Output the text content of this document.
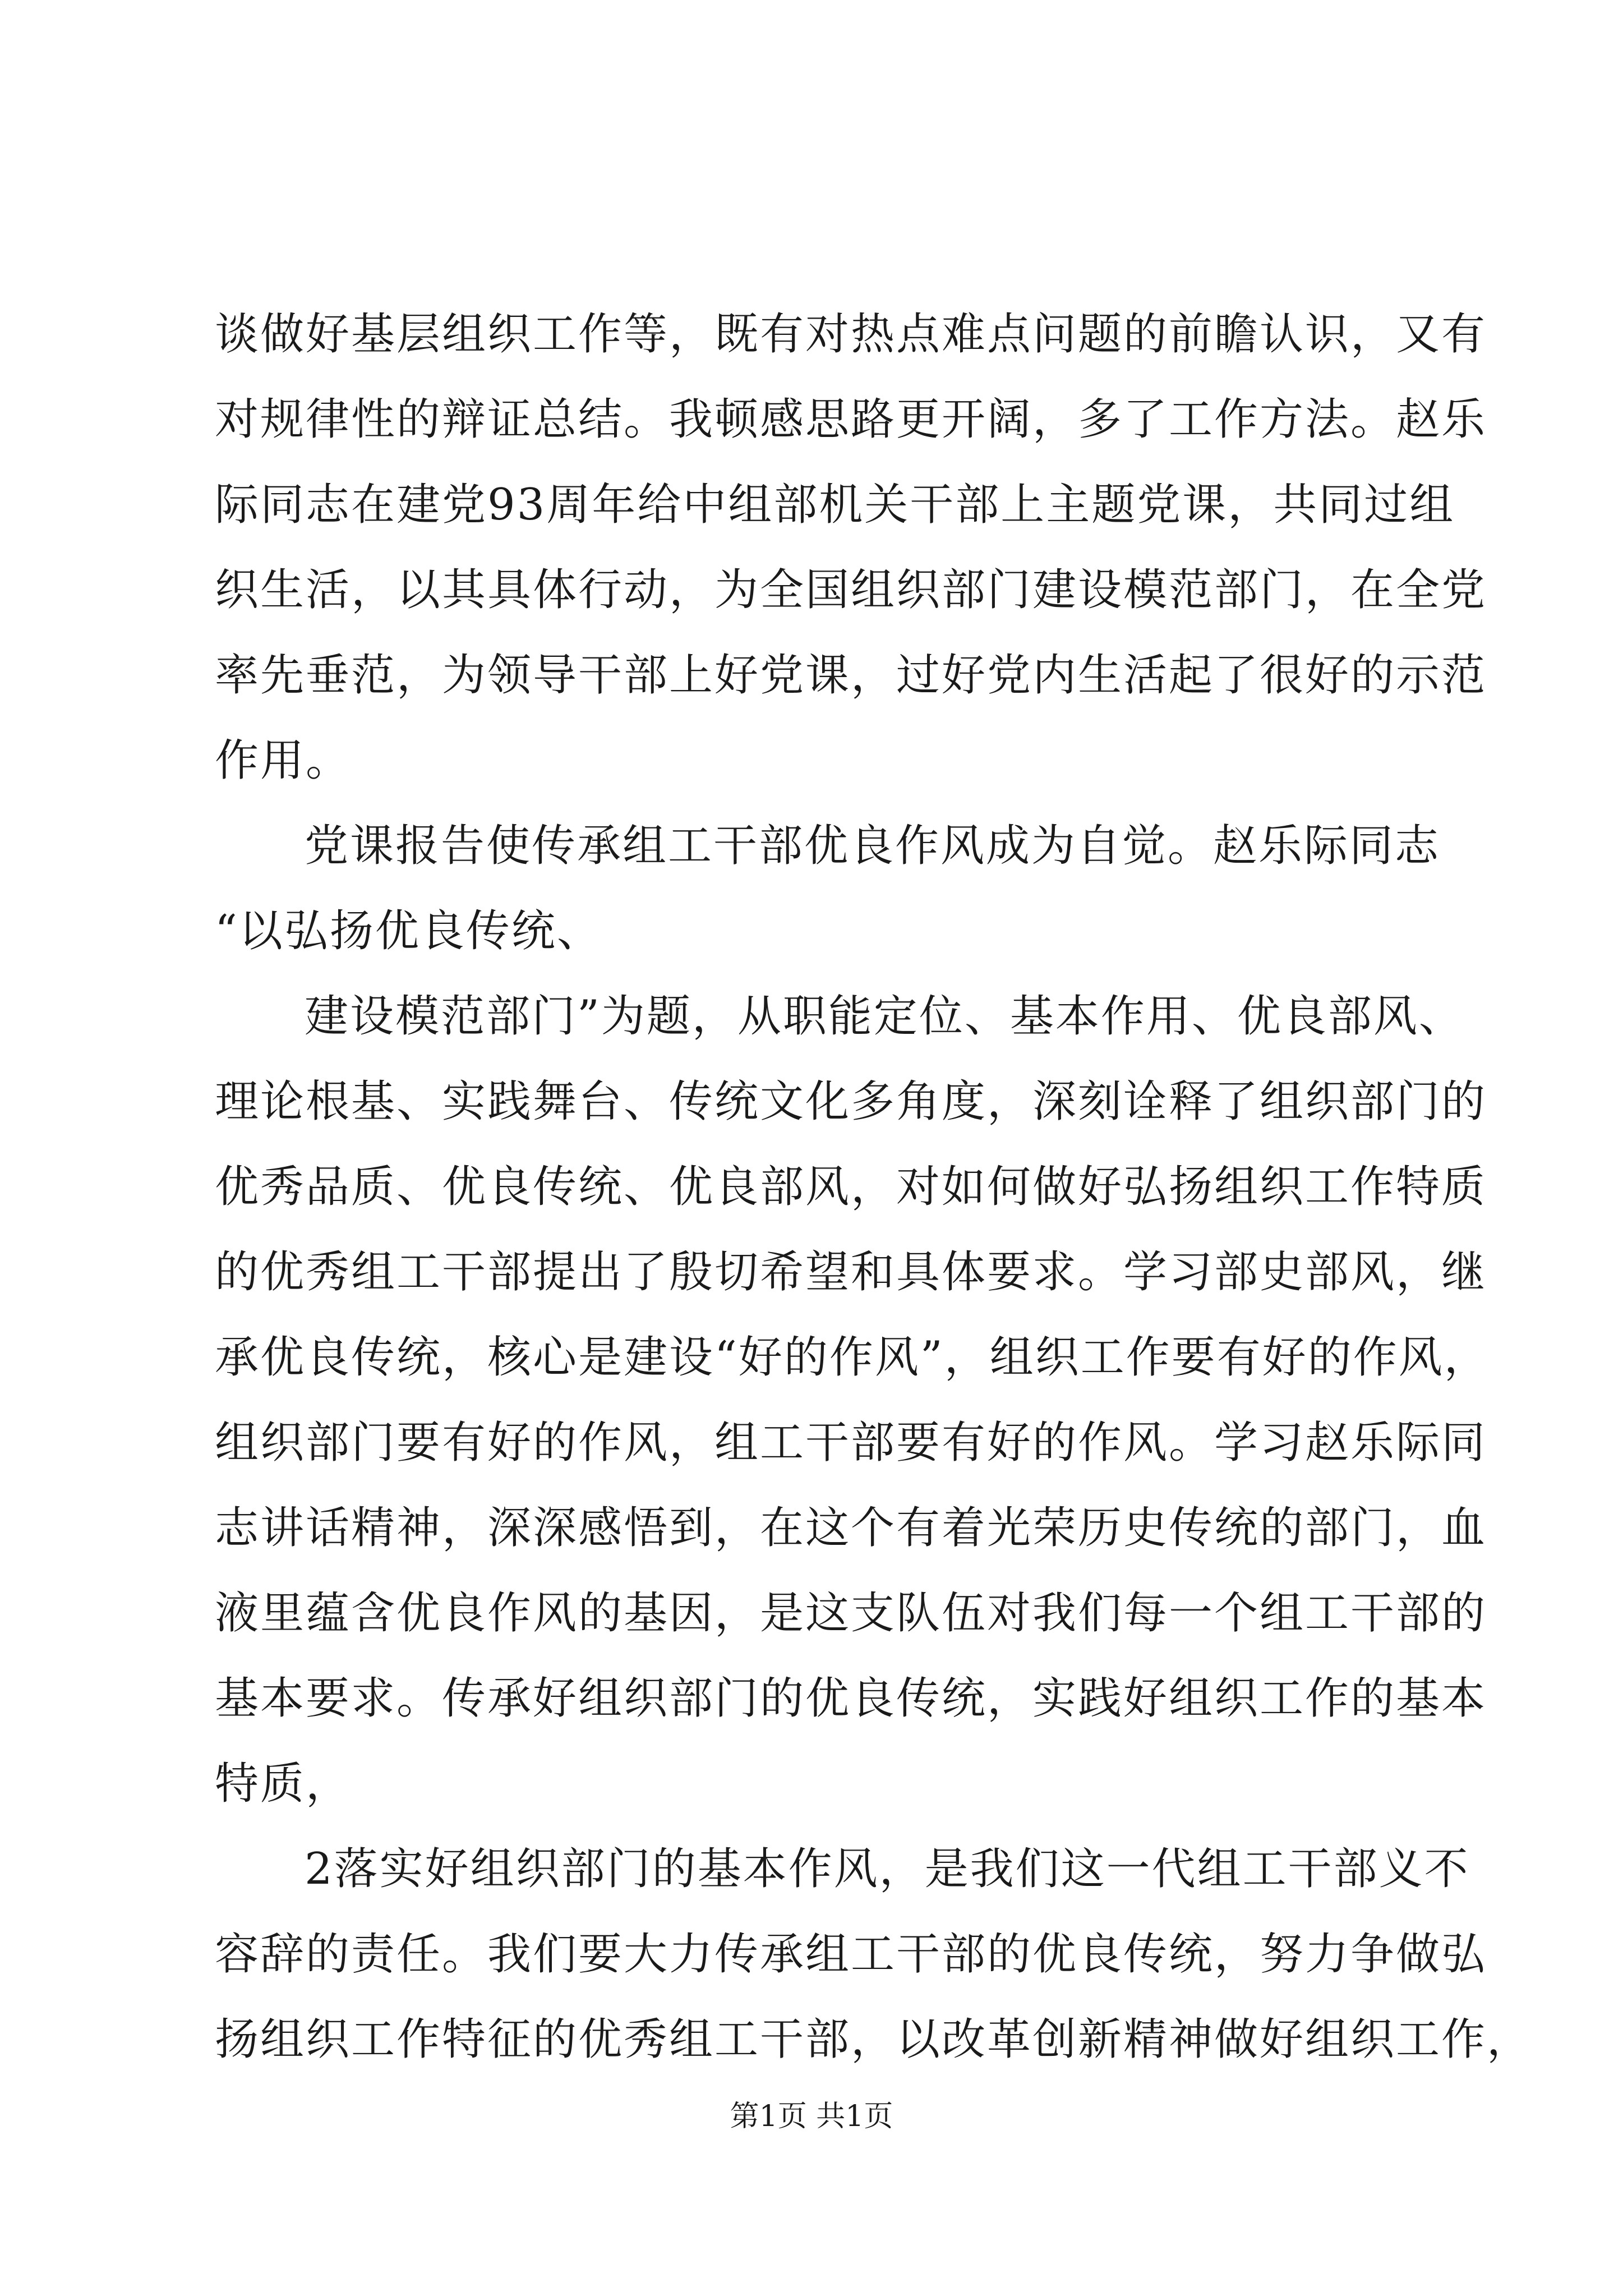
谈做好基层组织工作等，既有对热点难点问题的前瞻认识，又有
对规律性的辩证总结。我顿感思路更开阔，多了工作方法。赵乐
际同志在建党93周年给中组部机关干部上主题党课，共同过组
织生活，以其具体行动，为全国组织部门建设模范部门，在全党
率先垂范，为领导干部上好党课，过好党内生活起了很好的示范
作用。
党课报告使传承组工干部优良作风成为自觉。赵乐际同志
“以弘扬优良传统、
建设模范部门”为题，从职能定位、基本作用、优良部风、
理论根基、实践舞台、传统文化多角度，深刻诠释了组织部门的
优秀品质、优良传统、优良部风，对如何做好弘扬组织工作特质
的优秀组工干部提出了殷切希望和具体要求。学习部史部风，继
承优良传统，核心是建设“好的作风”，组织工作要有好的作风，
组织部门要有好的作风，组工干部要有好的作风。学习赵乐际同
志讲话精神，深深感悟到，在这个有着光荣历史传统的部门，血
液里蕴含优良作风的基因，是这支队伍对我们每一个组工干部的
基本要求。传承好组织部门的优良传统，实践好组织工作的基本
特质，
2落实好组织部门的基本作风，是我们这一代组工干部义不
容辞的责任。我们要大力传承组工干部的优良传统，努力争做弘
扬组织工作特征的优秀组工干部，以改革创新精神做好组织工作，
第1页 共1页
